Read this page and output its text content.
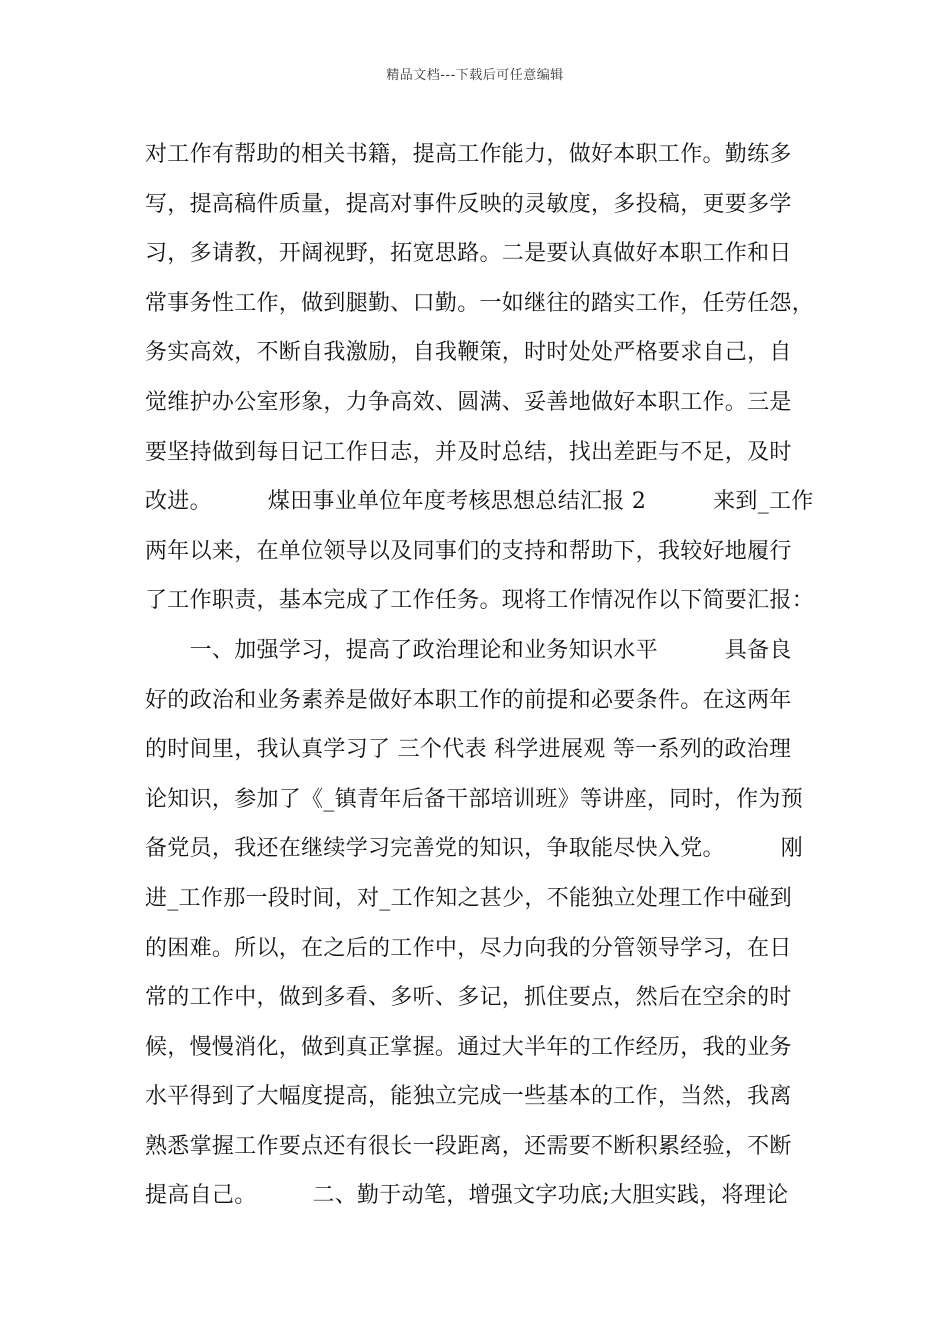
精品文档---下载后可任意编辑
对工作有帮助的相关书籍，提高工作能力，做好本职工作。勤练多
写，提高稿件质量，提高对事件反映的灵敏度，多投稿，更要多学
习，多请教，开阔视野，拓宽思路。二是要认真做好本职工作和日
常事务性工作，做到腿勤、口勤。一如继往的踏实工作，任劳任怨，
务实高效，不断自我激励，自我鞭策，时时处处严格要求自己，自
觉维护办公室形象，力争高效、圆满、妥善地做好本职工作。三是
要坚持做到每日记工作日志，并及时总结，找出差距与不足，及时
改进。　　　煤田事业单位年度考核思想总结汇报 2　　　来到_工作
两年以来，在单位领导以及同事们的支持和帮助下，我较好地履行
了工作职责，基本完成了工作任务。现将工作情况作以下简要汇报：
　　一、加强学习，提高了政治理论和业务知识水平　　　具备良
好的政治和业务素养是做好本职工作的前提和必要条件。在这两年
的时间里，我认真学习了 三个代表 科学进展观 等一系列的政治理
论知识，参加了《_镇青年后备干部培训班》等讲座，同时，作为预
备党员，我还在继续学习完善党的知识，争取能尽快入党。　　　刚
进_工作那一段时间，对_工作知之甚少，不能独立处理工作中碰到
的困难。所以，在之后的工作中，尽力向我的分管领导学习，在日
常的工作中，做到多看、多听、多记，抓住要点，然后在空余的时
候，慢慢消化，做到真正掌握。通过大半年的工作经历，我的业务
水平得到了大幅度提高，能独立完成一些基本的工作，当然，我离
熟悉掌握工作要点还有很长一段距离，还需要不断积累经验，不断
提高自己。　　　二、勤于动笔，增强文字功底;大胆实践，将理论
